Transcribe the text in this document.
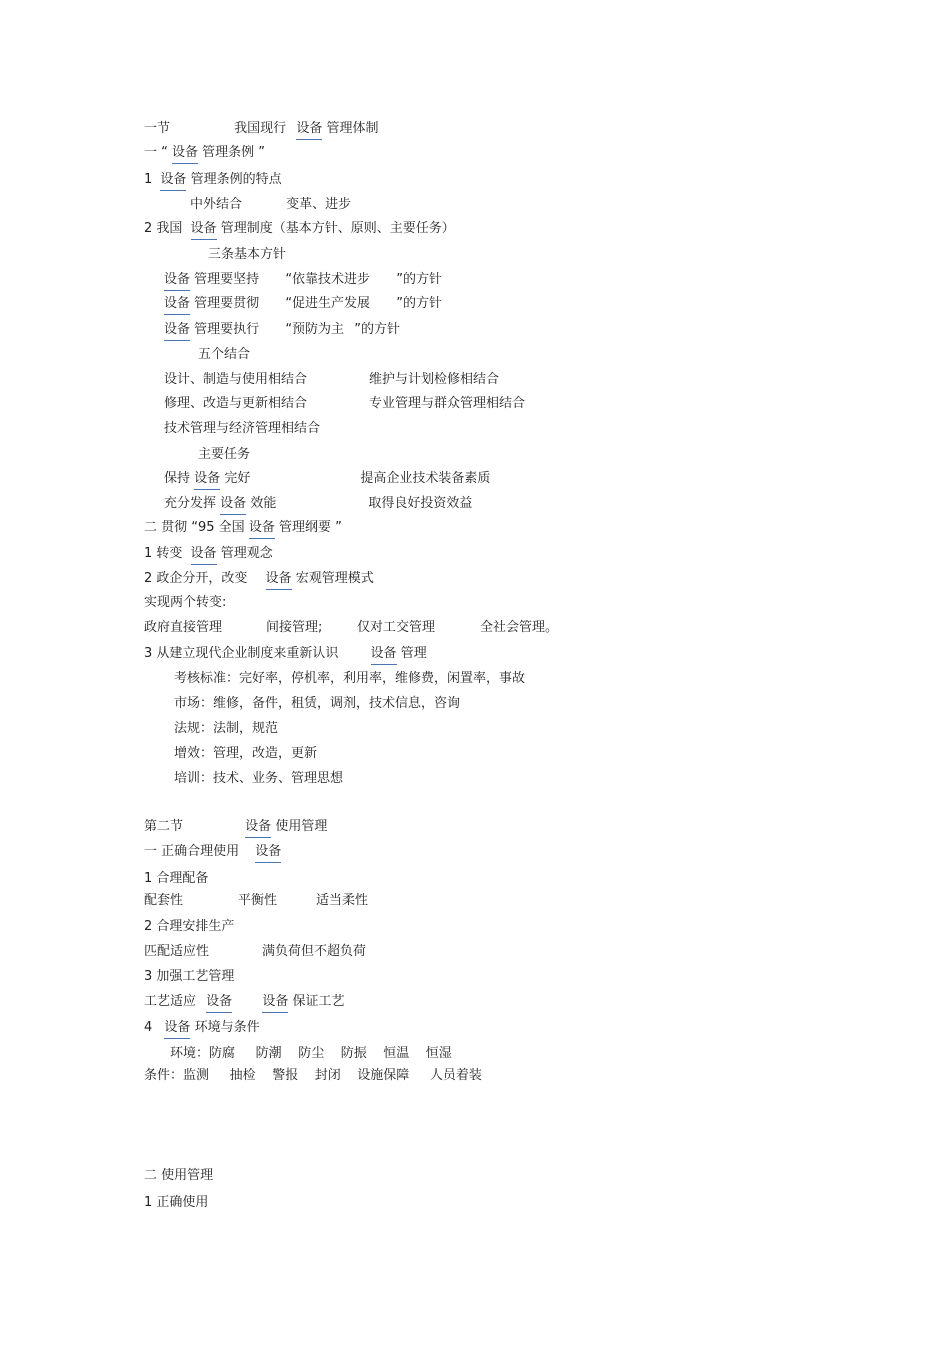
一节	我国现行 设备 管理体制
一 “ 设备 管理条例 ”
1 设备 管理条例的特点
中外结合	变革、进步
2 我国 设备 管理制度（基本方针、原则、主要任务）
三条基本方针
设备 管理要坚持 “依靠技术进步 ”的方针
设备 管理要贯彻 “促进生产发展 ”的方针
设备 管理要执行 “预防为主 ”的方针
五个结合
设计、制造与使用相结合	维护与计划检修相结合
修理、改造与更新相结合	专业管理与群众管理相结合
技术管理与经济管理相结合
主要任务
保持 设备 完好	提高企业技术装备素质
充分发挥 设备 效能	取得良好投资效益
二 贯彻 “95 全国 设备 管理纲要 ”
1 转变 设备 管理观念
2 政企分开，改变 设备 宏观管理模式
实现两个转变:
政府直接管理	间接管理;	仅对工交管理	全社会管理。
3 从建立现代企业制度来重新认识 设备 管理
考核标准：完好率，停机率，利用率，维修费，闲置率，事故
市场：维修，备件，租赁，调剂，技术信息，咨询
法规：法制，规范
增效：管理，改造，更新
培训：技术、业务、管理思想
第二节	设备 使用管理
一 正确合理使用 设备
1 合理配备
配套性	平衡性	适当柔性
2 合理安排生产
匹配适应性	满负荷但不超负荷
3 加强工艺管理
工艺适应 设备 设备 保证工艺
4 设备 环境与条件
环境：防腐     防潮    防尘    防振    恒温    恒湿
条件：监测     抽检    警报    封闭    设施保障     人员着装
二 使用管理
1 正确使用
